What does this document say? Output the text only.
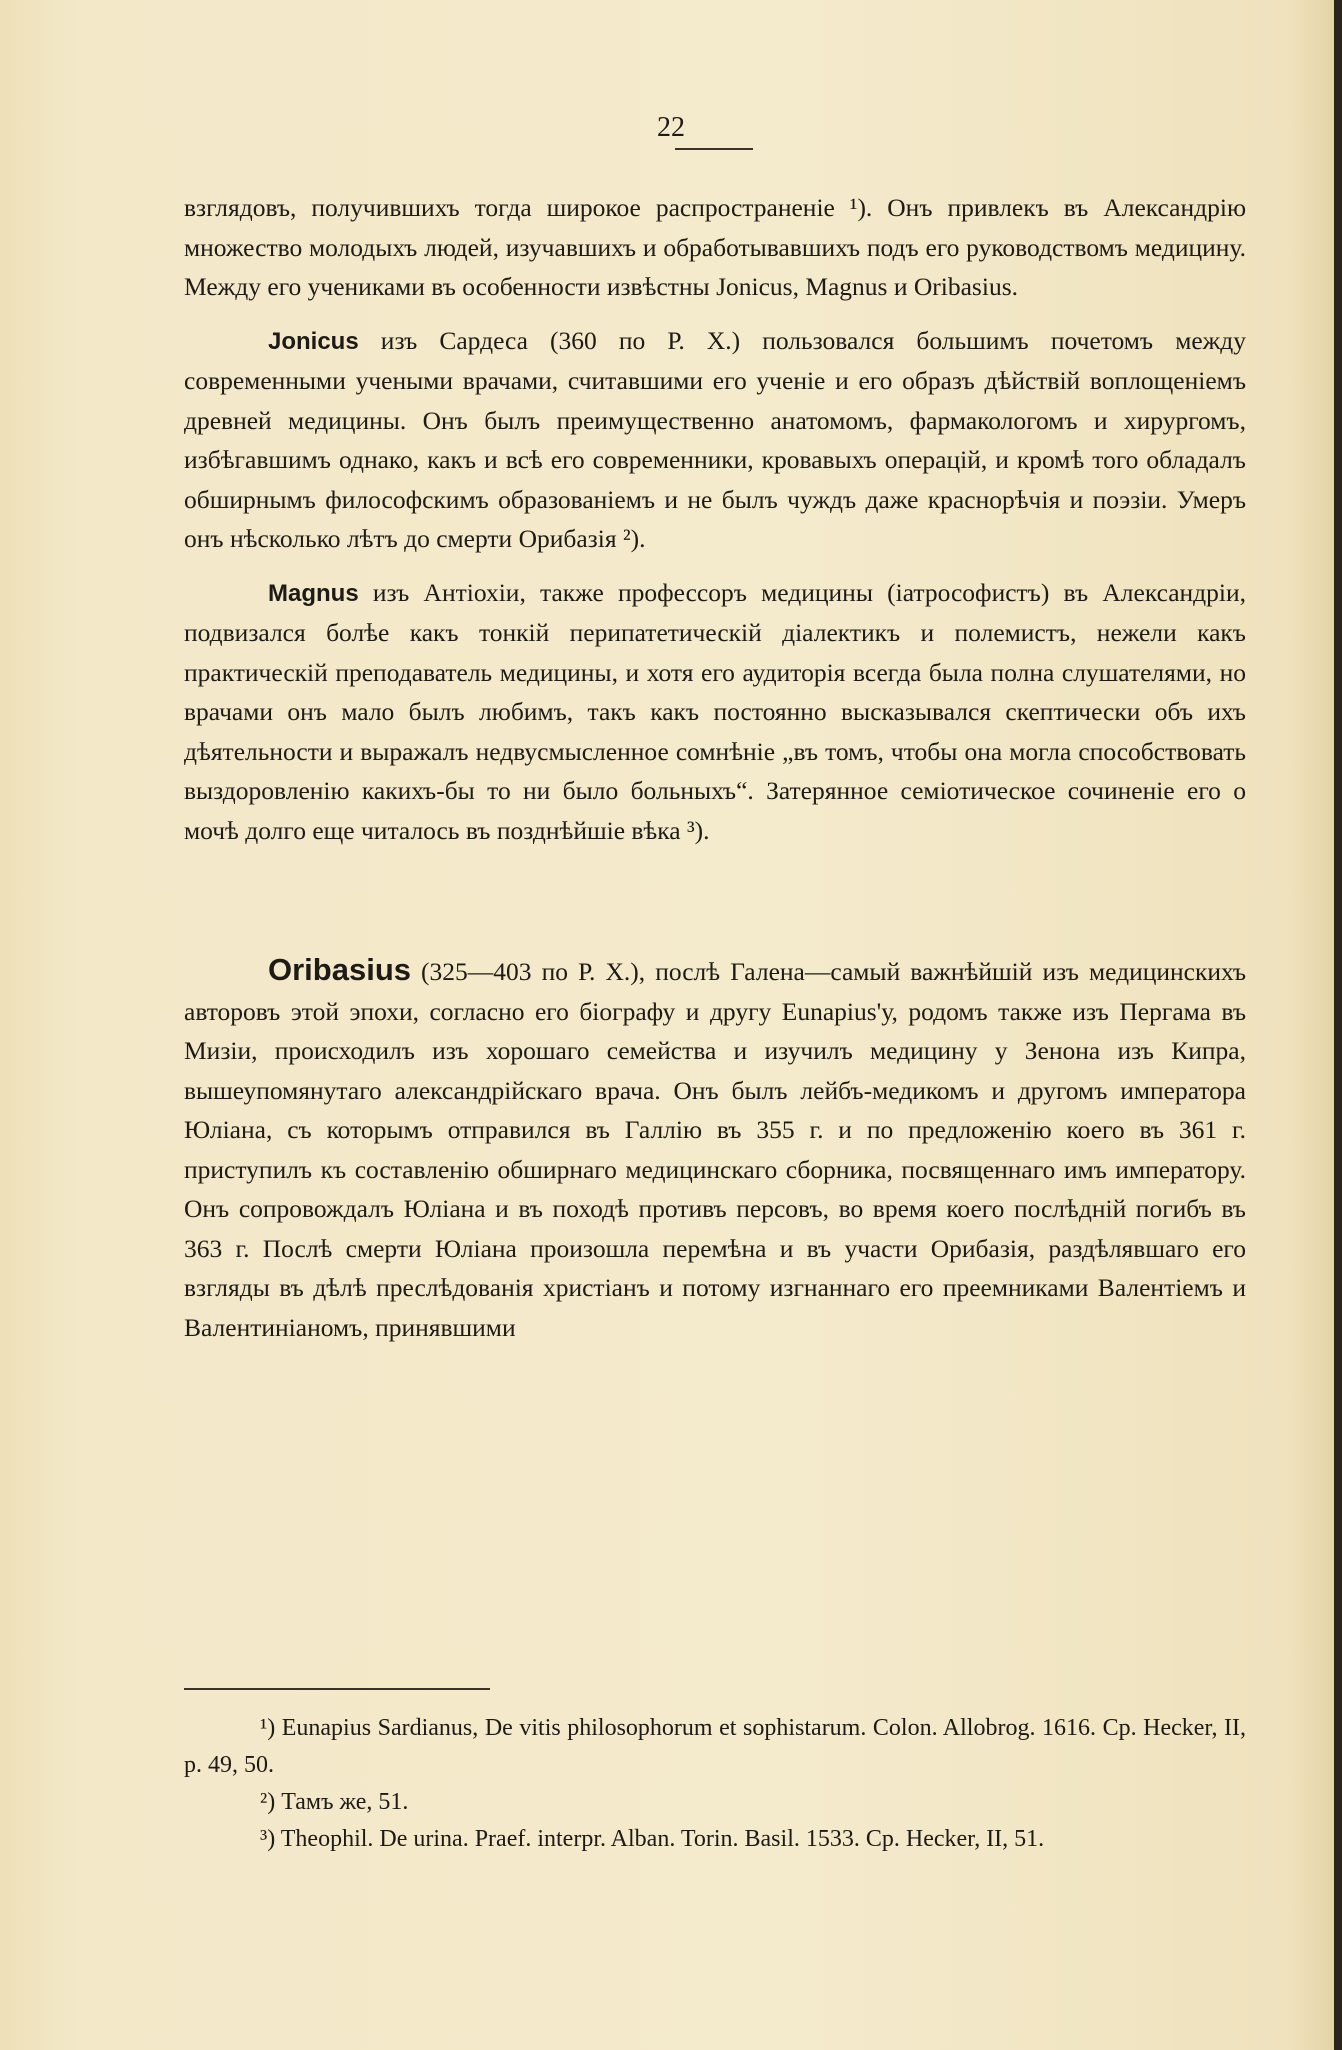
22

взглядовъ, получившихъ тогда широкое распространеніе ¹). Онъ привлекъ въ Александрію множество молодыхъ людей, изучавшихъ и обработывавшихъ подъ его руководствомъ медицину. Между его учениками въ особенности извѣстны Jonicus, Magnus и Oribasius.

Jonicus изъ Сардеса (360 по Р. X.) пользовался большимъ почетомъ между современными учеными врачами, считавшими его ученіе и его образъ дѣйствій воплощеніемъ древней медицины. Онъ былъ преимущественно анатомомъ, фармакологомъ и хирургомъ, избѣгавшимъ однако, какъ и всѣ его современники, кровавыхъ операцій, и кромѣ того обладалъ обширнымъ философскимъ образованіемъ и не былъ чуждъ даже краснорѣчія и поэзіи. Умеръ онъ нѣсколько лѣтъ до смерти Орибазія ²).

Magnus изъ Антіохіи, также профессоръ медицины (іатрософистъ) въ Александріи, подвизался болѣе какъ тонкій перипатетическій діалектикъ и полемистъ, нежели какъ практическій преподаватель медицины, и хотя его аудиторія всегда была полна слушателями, но врачами онъ мало былъ любимъ, такъ какъ постоянно высказывался скептически объ ихъ дѣятельности и выражалъ недвусмысленное сомнѣніе „въ томъ, чтобы она могла способствовать выздоровленію какихъ-бы то ни было больныхъ“. Затерянное семіотическое сочиненіе его о мочѣ долго еще читалось въ позднѣйшіе вѣка ³).

Oribasius (325—403 по Р. X.), послѣ Галена—самый важнѣйшій изъ медицинскихъ авторовъ этой эпохи, согласно его біографу и другу Eunapius'у, родомъ также изъ Пергама въ Мизіи, происходилъ изъ хорошаго семейства и изучилъ медицину у Зенона изъ Кипра, вышеупомянутаго александрійскаго врача. Онъ былъ лейбъ-медикомъ и другомъ императора Юліана, съ которымъ отправился въ Галлію въ 355 г. и по предложенію коего въ 361 г. приступилъ къ составленію обширнаго медицинскаго сборника, посвященнаго имъ императору. Онъ сопровождалъ Юліана и въ походѣ противъ персовъ, во время коего послѣдній погибъ въ 363 г. Послѣ смерти Юліана произошла перемѣна и въ участи Орибазія, раздѣлявшаго его взгляды въ дѣлѣ преслѣдованія христіанъ и потому изгнаннаго его преемниками Валентіемъ и Валентиніаномъ, принявшими

¹) Eunapius Sardianus, De vitis philosophorum et sophistarum. Colon. Allobrog. 1616. Ср. Hecker, II, p. 49, 50.

²) Тамъ же, 51.

³) Theophil. De urina. Praef. interpr. Alban. Torin. Basil. 1533. Ср. Hecker, II, 51.
